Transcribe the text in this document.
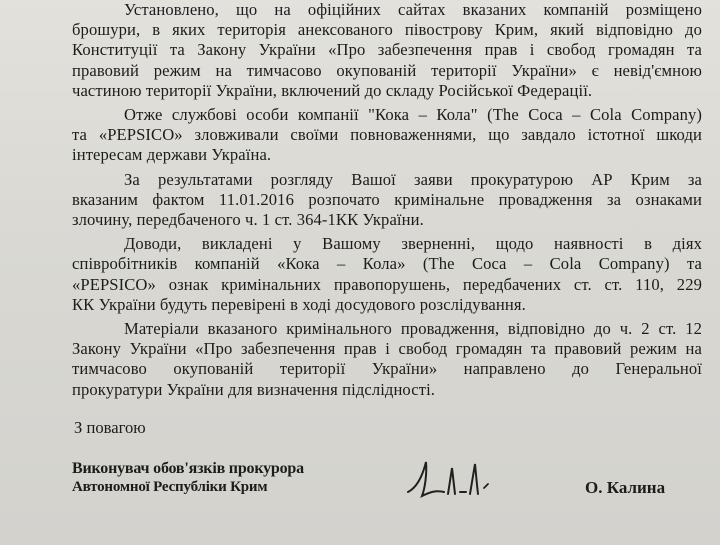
Установлено, що на офіційних сайтах вказаних компаній розміщено
брошури, в яких територія анексованого півострову Крим, який відповідно до
Конституції та Закону України «Про забезпечення прав і свобод громадян та
правовий режим на тимчасово окупованій території України» є невід'ємною
частиною території України, включений до складу Російської Федерації.
Отже службові особи компанії "Кока – Кола" (The Coca – Cola Company)
та «PEPSICO» зловживали своїми повноваженнями, що завдало істотної шкоди
інтересам держави Україна.
За результатами розгляду Вашої заяви прокуратурою АР Крим за
вказаним фактом 11.01.2016 розпочато кримінальне провадження за ознаками
злочину, передбаченого ч. 1 ст. 364-1КК України.
Доводи, викладені у Вашому зверненні, щодо наявності в діях
співробітників компаній «Кока – Кола» (The Coca – Cola Company) та
«PEPSICO» ознак кримінальних правопорушень, передбачених ст. ст. 110, 229
КК України будуть перевірені в ході досудового розслідування.
Матеріали вказаного кримінального провадження, відповідно до ч. 2 ст. 12
Закону України «Про забезпечення прав і свобод громадян та правовий режим на
тимчасово окупованій території України» направлено до Генеральної
прокуратури України для визначення підслідності.
З повагою
Виконувач обов'язків прокурора
Автономної Республіки Крим	О. Калина
